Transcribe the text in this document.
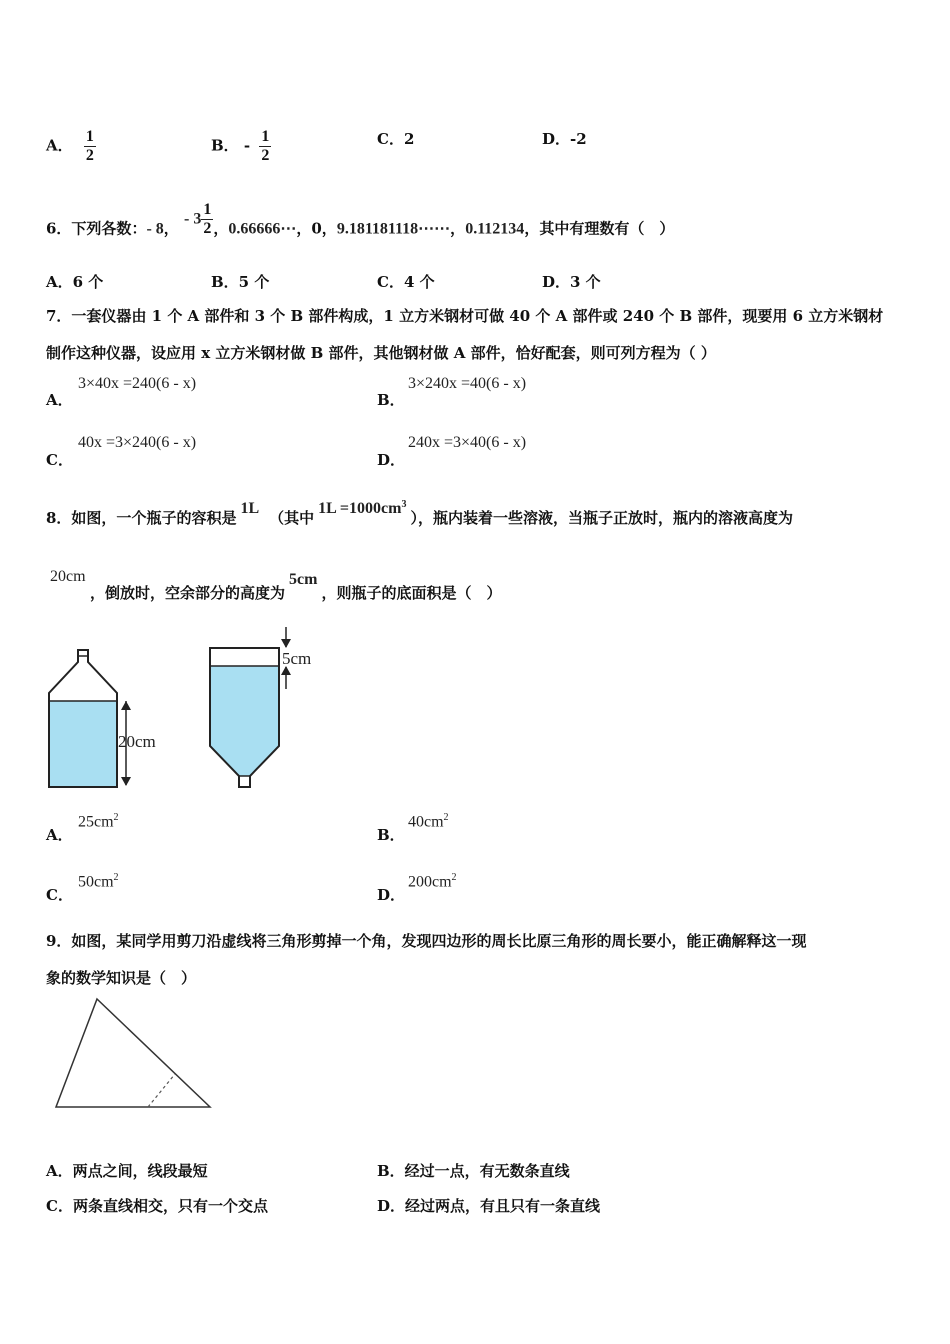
A． $\frac{1}{2}$	B． - $\frac{1}{2}$	C．2	D．-2
6．下列各数：- 8， - $3 \frac{1}{2}$ ，0.66666⋯，0，9.181181118⋯⋯，0.112134，其中有理数有（　）
A．6 个	B．5 个	C．4 个	D．3 个
7．一套仪器由 1 个 A 部件和 3 个 B 部件构成，1 立方米钢材可做 40 个 A 部件或 240 个 B 部件，现要用 6 立方米钢材
制作这种仪器，设应用 x 立方米钢材做 B 部件，其他钢材做 A 部件，恰好配套，则可列方程为（ ）
A．
3×40x =240(6 - x)
B．
3×240x =40(6 - x)
C．
40x =3×240(6 - x)
D．
240x =3×40(6 - x)
8．如图，一个瓶子的容积是1L（其中$1L =1000cm^3$），瓶内装着一些溶液，当瓶子正放时，瓶内的溶液高度为
20cm
，倒放时，空余部分的高度为5cm，则瓶子的底面积是（　）
20cm
5cm
A．
$25cm^2$
B．
$40cm^2$
C．
$50cm^2$
D．
$200cm^2$
9．如图，某同学用剪刀沿虚线将三角形剪掉一个角，发现四边形的周长比原三角形的周长要小，能正确解释这一现
象的数学知识是（　）
A．两点之间，线段最短	B．经过一点，有无数条直线
C．两条直线相交，只有一个交点	D．经过两点，有且只有一条直线
